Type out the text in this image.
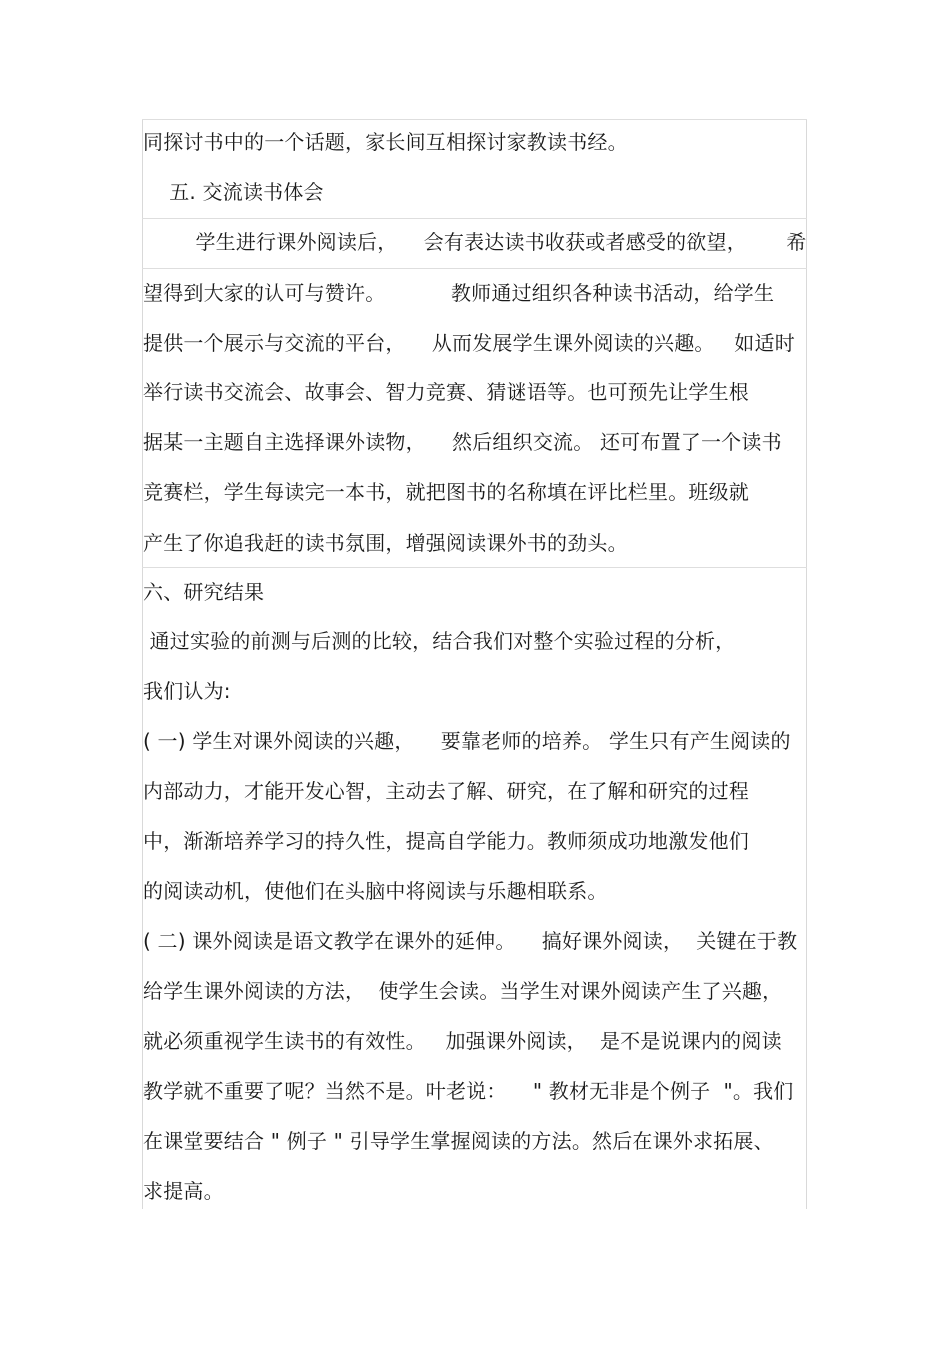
同探讨书中的一个话题，家长间互相探讨家教读书经。
五. 交流读书体会
学生进行课外阅读后，    会有表达读书收获或者感受的欲望，      希
望得到大家的认可与赞许。          教师通过组织各种读书活动，给学生
提供一个展示与交流的平台，    从而发展学生课外阅读的兴趣。   如适时
举行读书交流会、故事会、智力竞赛、猜谜语等。也可预先让学生根
据某一主题自主选择课外读物，    然后组织交流。 还可布置了一个读书
竞赛栏，学生每读完一本书，就把图书的名称填在评比栏里。班级就
产生了你追我赶的读书氛围，增强阅读课外书的劲头。
六、研究结果
通过实验的前测与后测的比较，结合我们对整个实验过程的分析，
我们认为:
( 一) 学生对课外阅读的兴趣，    要靠老师的培养。 学生只有产生阅读的
内部动力，才能开发心智，主动去了解、研究，在了解和研究的过程
中，渐渐培养学习的持久性，提高自学能力。教师须成功地激发他们
的阅读动机，使他们在头脑中将阅读与乐趣相联系。
( 二) 课外阅读是语文教学在课外的延伸。    搞好课外阅读，  关键在于教
给学生课外阅读的方法，  使学生会读。当学生对课外阅读产生了兴趣，
就必须重视学生读书的有效性。   加强课外阅读，  是不是说课内的阅读
教学就不重要了呢？当然不是。叶老说：    " 教材无非是个例子  "。我们
在课堂要结合 " 例子 " 引导学生掌握阅读的方法。然后在课外求拓展、
求提高。
